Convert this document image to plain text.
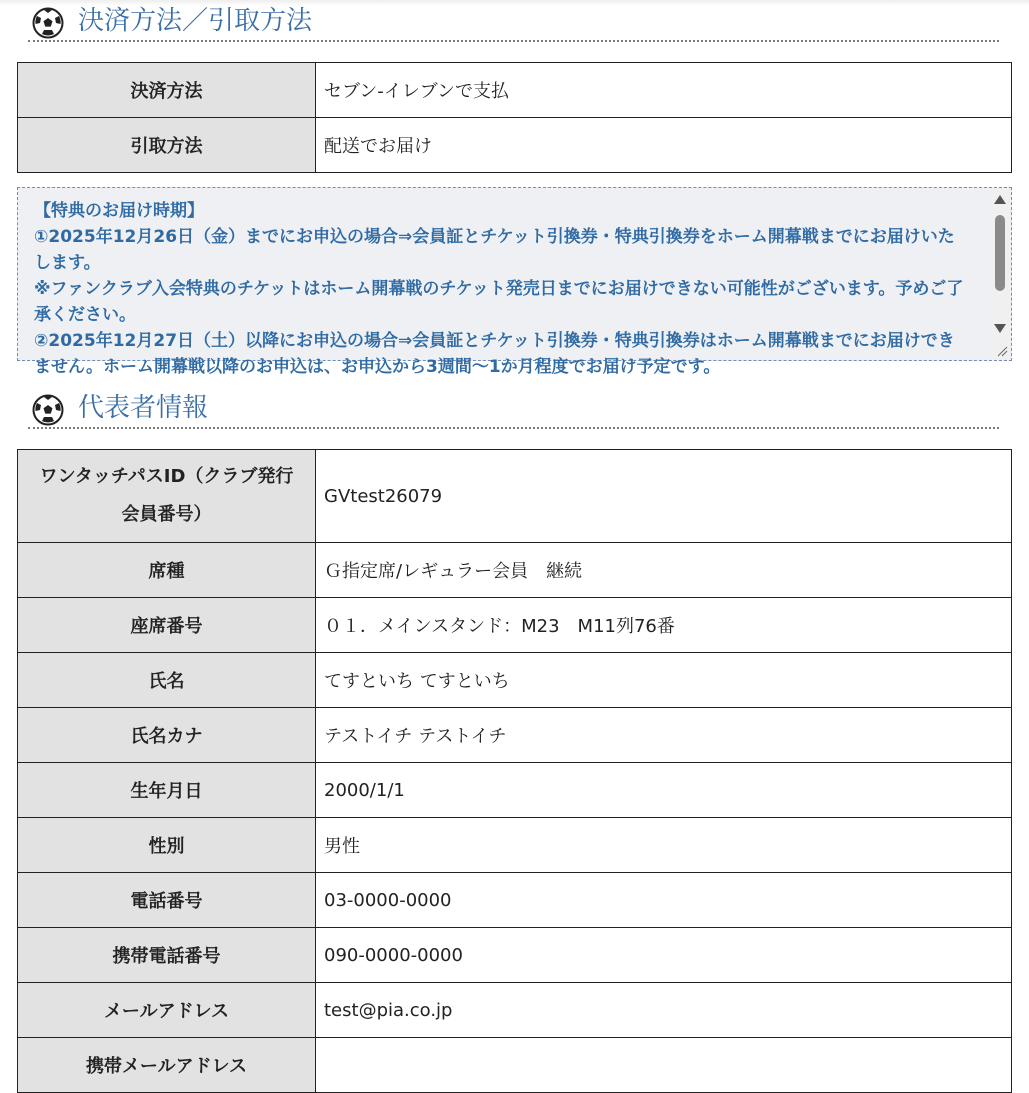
決済方法／引取方法
決済方法	セブン-イレブンで支払
引取方法	配送でお届け
【特典のお届け時期】
①2025年12月26日（金）までにお申込の場合⇒会員証とチケット引換券・特典引換券をホーム開幕戦までにお届けいた
します。
※ファンクラブ入会特典のチケットはホーム開幕戦のチケット発売日までにお届けできない可能性がございます。予めご了
承ください。
②2025年12月27日（土）以降にお申込の場合⇒会員証とチケット引換券・特典引換券はホーム開幕戦までにお届けでき
ません。ホーム開幕戦以降のお申込は、お申込から3週間～1か月程度でお届け予定です。
代表者情報
ワンタッチパスID（クラブ発行
会員番号）	GVtest26079
席種	Ｇ指定席/レギュラー会員　継続
座席番号	０１．メインスタンド：M23　M11列76番
氏名	てすといち てすといち
氏名カナ	テストイチ テストイチ
生年月日	2000/1/1
性別	男性
電話番号	03-0000-0000
携帯電話番号	090-0000-0000
メールアドレス	test@pia.co.jp
携帯メールアドレス	
